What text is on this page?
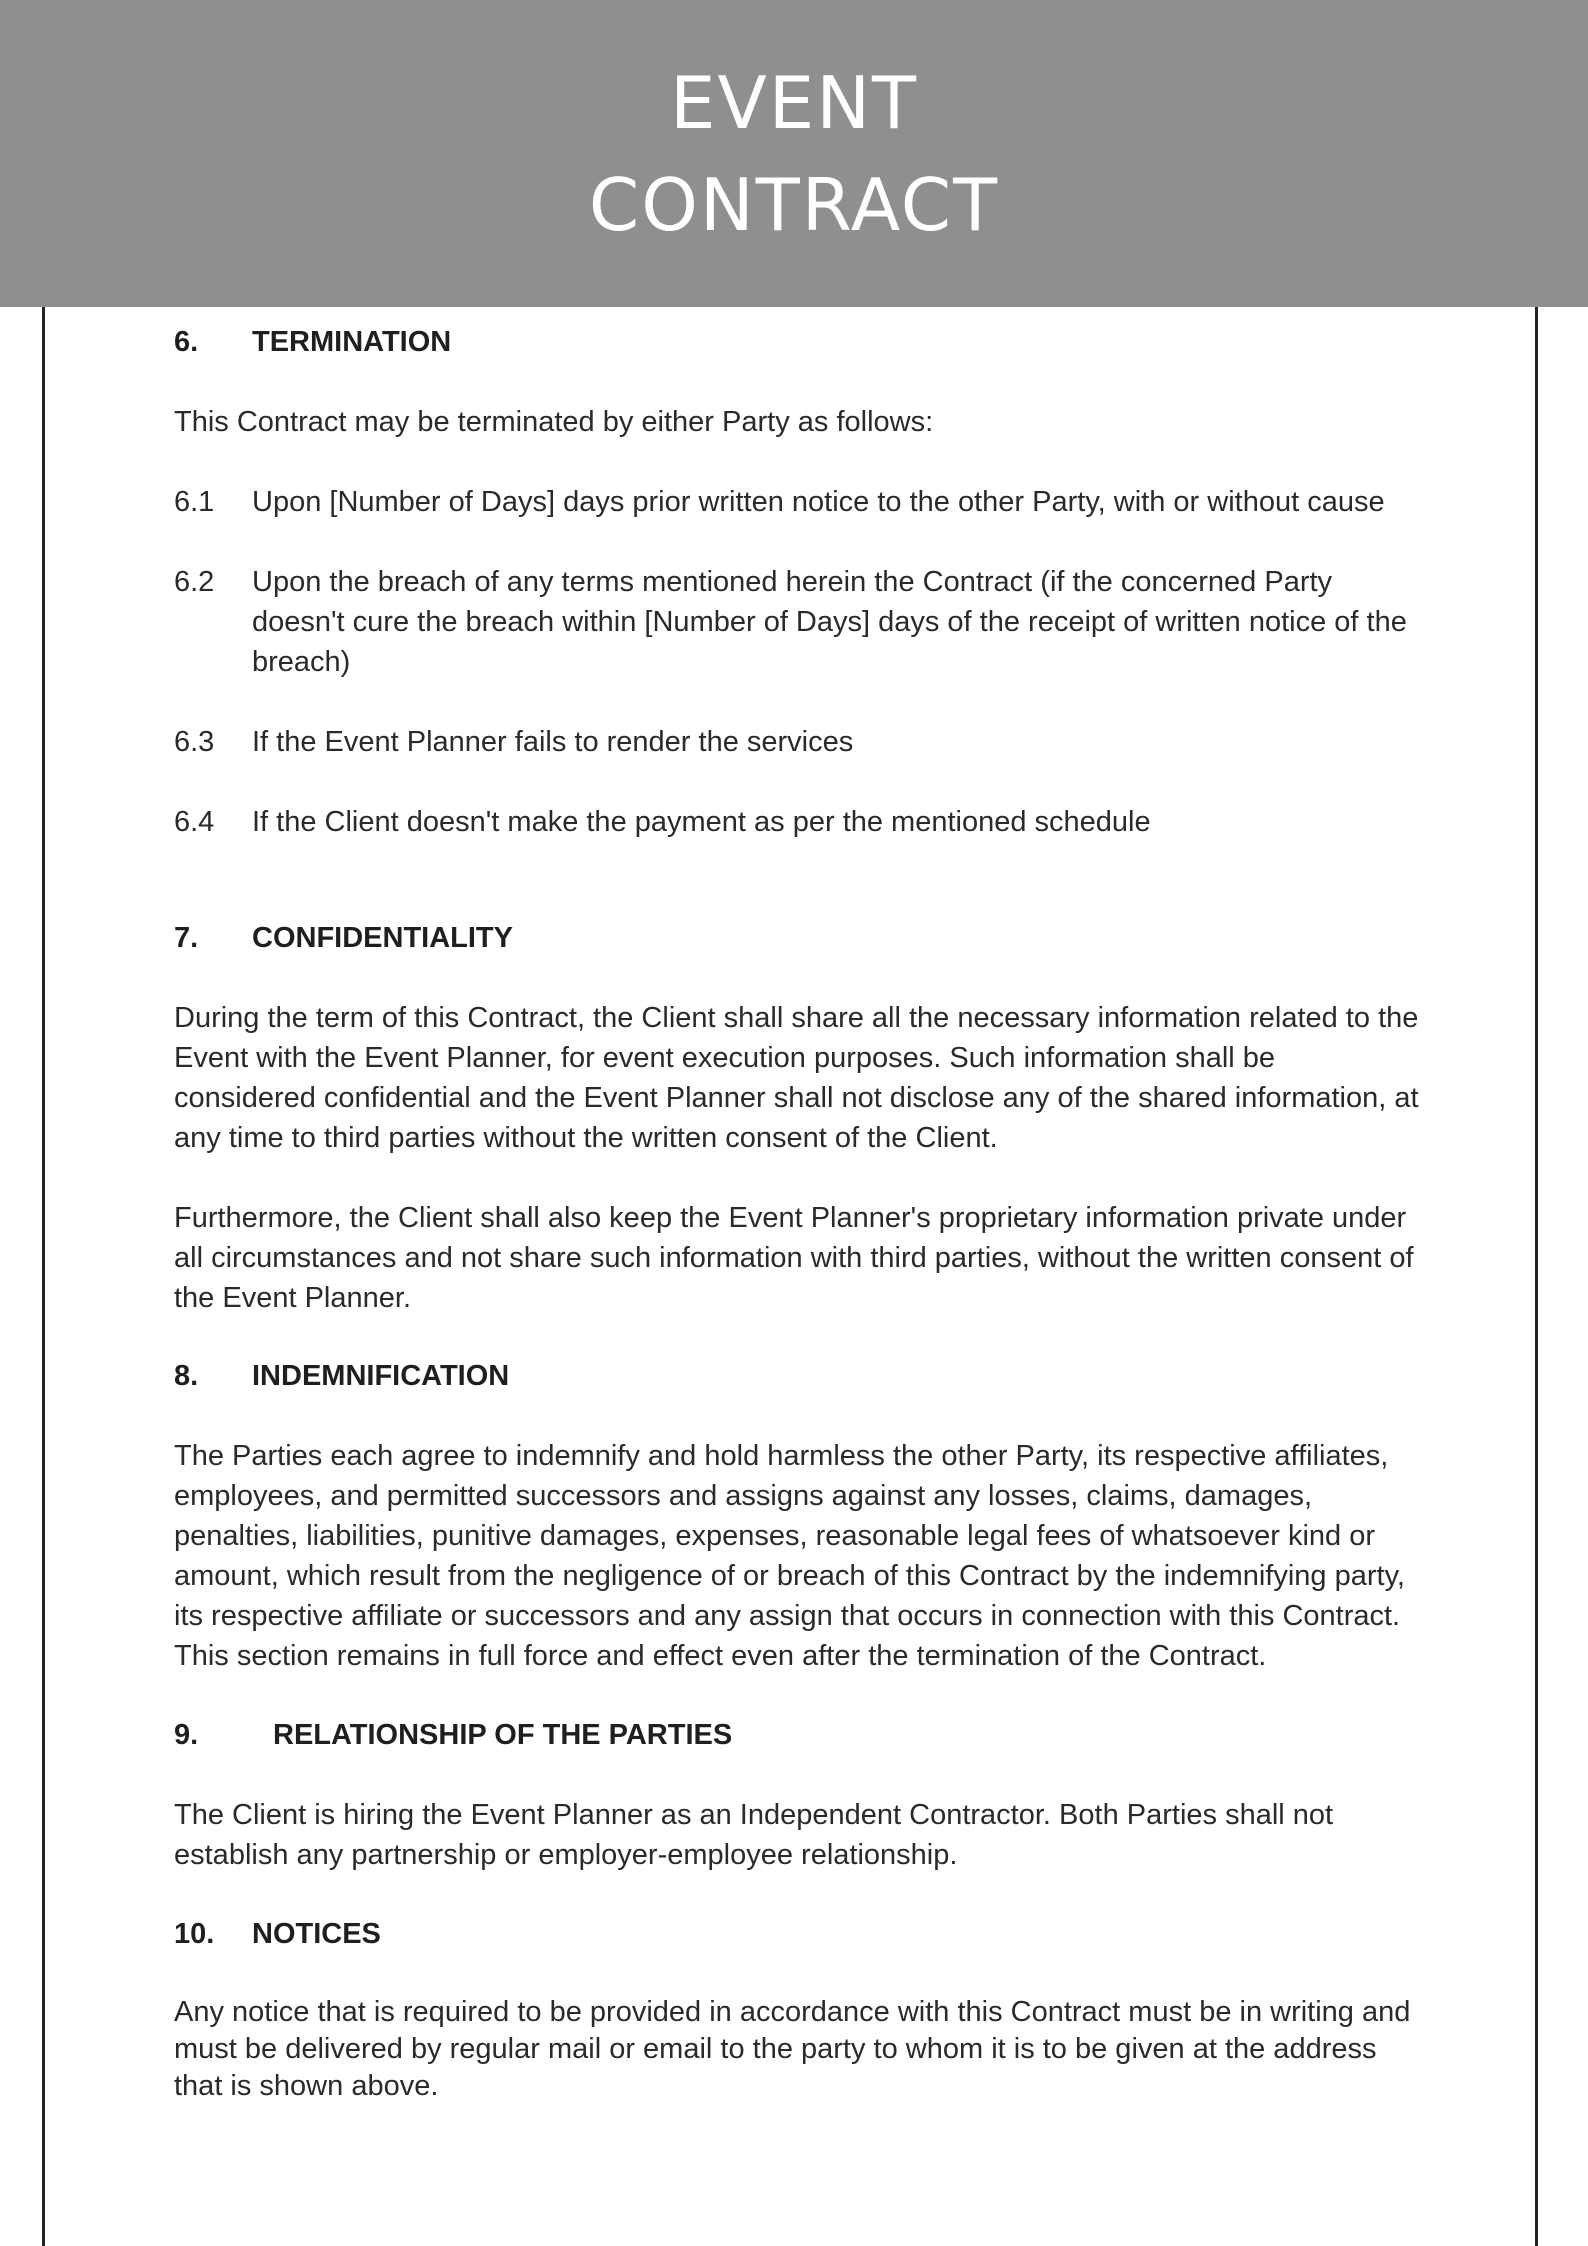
EVENT
CONTRACT
6.	TERMINATION

This Contract may be terminated by either Party as follows:

6.1	Upon [Number of Days] days prior written notice to the other Party, with or without cause
6.2	Upon the breach of any terms mentioned herein the Contract (if the concerned Party doesn't cure the breach within [Number of Days] days of the receipt of written notice of the breach)
6.3	If the Event Planner fails to render the services
6.4	If the Client doesn't make the payment as per the mentioned schedule
7.	CONFIDENTIALITY

During the term of this Contract, the Client shall share all the necessary information related to the Event with the Event Planner, for event execution purposes. Such information shall be considered confidential and the Event Planner shall not disclose any of the shared information, at any time to third parties without the written consent of the Client.

Furthermore, the Client shall also keep the Event Planner's proprietary information private under all circumstances and not share such information with third parties, without the written consent of the Event Planner.

8.	INDEMNIFICATION

The Parties each agree to indemnify and hold harmless the other Party, its respective affiliates, employees, and permitted successors and assigns against any losses, claims, damages, penalties, liabilities, punitive damages, expenses, reasonable legal fees of whatsoever kind or amount, which result from the negligence of or breach of this Contract by the indemnifying party, its respective affiliate or successors and any assign that occurs in connection with this Contract. This section remains in full force and effect even after the termination of the Contract.

9.	RELATIONSHIP OF THE PARTIES

The Client is hiring the Event Planner as an Independent Contractor. Both Parties shall not establish any partnership or employer-employee relationship.

10.	NOTICES

Any notice that is required to be provided in accordance with this Contract must be in writing and must be delivered by regular mail or email to the party to whom it is to be given at the address that is shown above.
